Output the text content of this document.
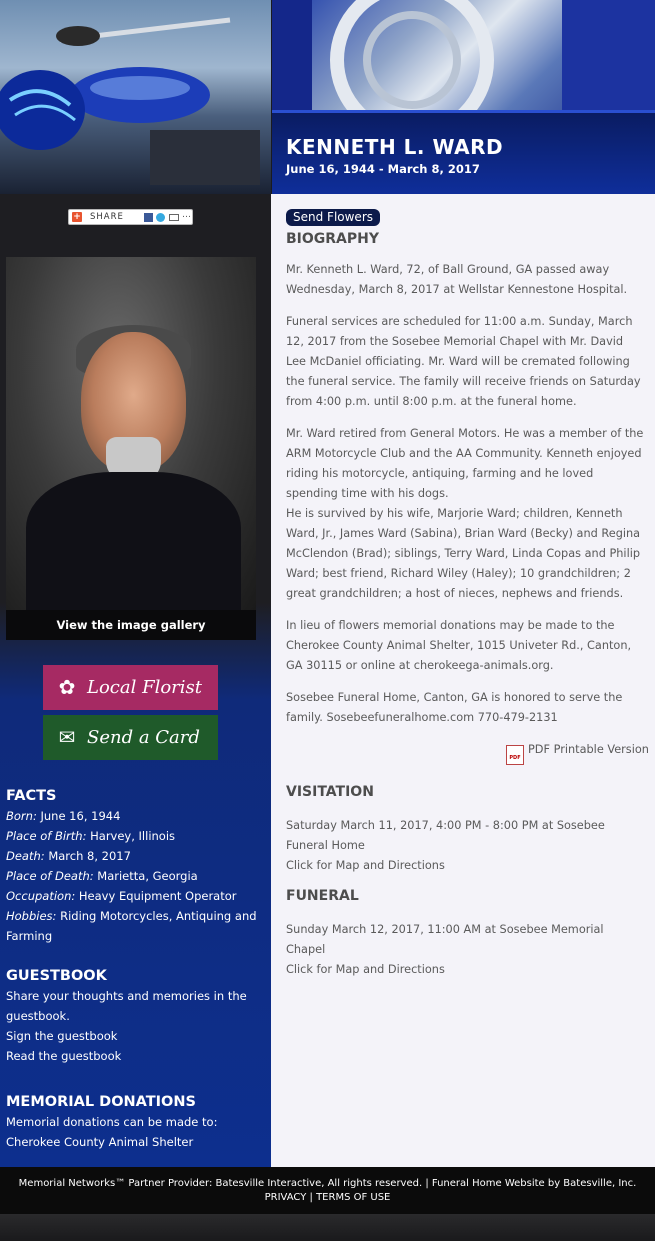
KENNETH L. WARD
June 16, 1944 - March 8, 2017
+ SHARE	…
View the image gallery
✿ Local Florist
✉ Send a Card
FACTS
Born: June 16, 1944
Place of Birth: Harvey, Illinois
Death: March 8, 2017
Place of Death: Marietta, Georgia
Occupation: Heavy Equipment Operator
Hobbies: Riding Motorcycles, Antiquing and Farming
GUESTBOOK
Share your thoughts and memories in the guestbook.
Sign the guestbook
Read the guestbook
MEMORIAL DONATIONS
Memorial donations can be made to:
Cherokee County Animal Shelter
Send Flowers
BIOGRAPHY

Mr. Kenneth L. Ward, 72, of Ball Ground, GA passed away Wednesday, March 8, 2017 at Wellstar Kennestone Hospital.

Funeral services are scheduled for 11:00 a.m. Sunday, March 12, 2017 from the Sosebee Memorial Chapel with Mr. David Lee McDaniel officiating. Mr. Ward will be cremated following the funeral service. The family will receive friends on Saturday from 4:00 p.m. until 8:00 p.m. at the funeral home.

Mr. Ward retired from General Motors. He was a member of the ARM Motorcycle Club and the AA Community. Kenneth enjoyed riding his motorcycle, antiquing, farming and he loved spending time with his dogs.

He is survived by his wife, Marjorie Ward; children, Kenneth Ward, Jr., James Ward (Sabina), Brian Ward (Becky) and Regina McClendon (Brad); siblings, Terry Ward, Linda Copas and Philip Ward; best friend, Richard Wiley (Haley); 10 grandchildren; 2 great grandchildren; a host of nieces, nephews and friends.

In lieu of flowers memorial donations may be made to the Cherokee County Animal Shelter, 1015 Univeter Rd., Canton, GA 30115 or online at cherokeega-animals.org.

Sosebee Funeral Home, Canton, GA is honored to serve the family. Sosebeefuneralhome.com 770-479-2131

PDFPDF Printable Version
VISITATION
Saturday March 11, 2017, 4:00 PM - 8:00 PM at Sosebee Funeral Home
Click for Map and Directions
FUNERAL
Sunday March 12, 2017, 11:00 AM at Sosebee Memorial Chapel
Click for Map and Directions
Memorial Networks™ Partner Provider: Batesville Interactive, All rights reserved. | Funeral Home Website by Batesville, Inc.
PRIVACY | TERMS OF USE
